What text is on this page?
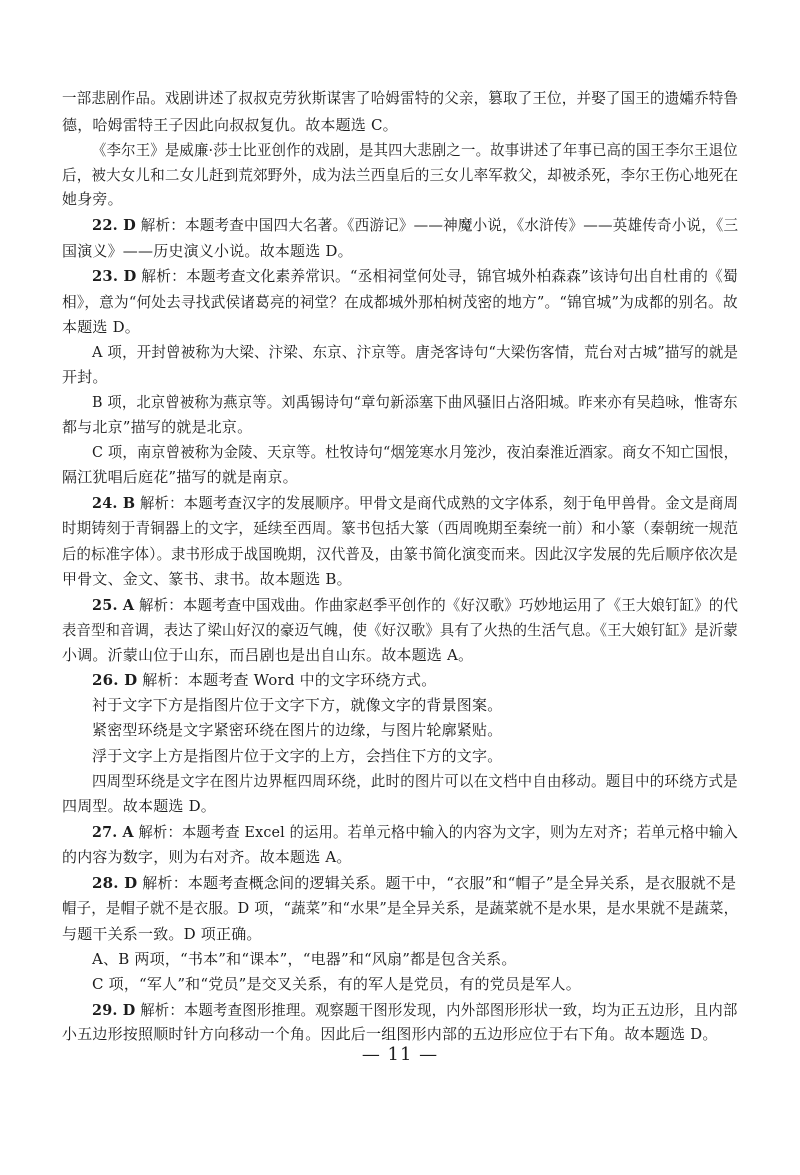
一部悲剧作品。戏剧讲述了叔叔克劳狄斯谋害了哈姆雷特的父亲，篡取了王位，并娶了国王的遗孀乔特鲁

德，哈姆雷特王子因此向叔叔复仇。故本题选 C。

《李尔王》是威廉·莎士比亚创作的戏剧，是其四大悲剧之一。故事讲述了年事已高的国王李尔王退位

后，被大女儿和二女儿赶到荒郊野外，成为法兰西皇后的三女儿率军救父，却被杀死，李尔王伤心地死在

她身旁。

22. D 解析：本题考查中国四大名著。《西游记》——神魔小说，《水浒传》——英雄传奇小说，《三

国演义》——历史演义小说。故本题选 D。

23. D 解析：本题考查文化素养常识。“丞相祠堂何处寻，锦官城外柏森森”该诗句出自杜甫的《蜀

相》，意为“何处去寻找武侯诸葛亮的祠堂？在成都城外那柏树茂密的地方”。“锦官城”为成都的别名。故

本题选 D。

A 项，开封曾被称为大梁、汴梁、东京、汴京等。唐尧客诗句“大梁伤客情，荒台对古城”描写的就是

开封。

B 项，北京曾被称为燕京等。刘禹锡诗句“章句新添塞下曲风骚旧占洛阳城。昨来亦有吴趋咏，惟寄东

都与北京”描写的就是北京。

C 项，南京曾被称为金陵、天京等。杜牧诗句“烟笼寒水月笼沙，夜泊秦淮近酒家。商女不知亡国恨，

隔江犹唱后庭花”描写的就是南京。

24. B 解析：本题考查汉字的发展顺序。甲骨文是商代成熟的文字体系，刻于龟甲兽骨。金文是商周

时期铸刻于青铜器上的文字，延续至西周。篆书包括大篆（西周晚期至秦统一前）和小篆（秦朝统一规范

后的标准字体）。隶书形成于战国晚期，汉代普及，由篆书简化演变而来。因此汉字发展的先后顺序依次是

甲骨文、金文、篆书、隶书。故本题选 B。

25. A 解析：本题考查中国戏曲。作曲家赵季平创作的《好汉歌》巧妙地运用了《王大娘钉缸》的代

表音型和音调，表达了梁山好汉的豪迈气魄，使《好汉歌》具有了火热的生活气息。《王大娘钉缸》是沂蒙

小调。沂蒙山位于山东，而吕剧也是出自山东。故本题选 A。

26. D 解析：本题考查 Word 中的文字环绕方式。

衬于文字下方是指图片位于文字下方，就像文字的背景图案。

紧密型环绕是文字紧密环绕在图片的边缘，与图片轮廓紧贴。

浮于文字上方是指图片位于文字的上方，会挡住下方的文字。

四周型环绕是文字在图片边界框四周环绕，此时的图片可以在文档中自由移动。题目中的环绕方式是

四周型。故本题选 D。

27. A 解析：本题考查 Excel 的运用。若单元格中输入的内容为文字，则为左对齐；若单元格中输入

的内容为数字，则为右对齐。故本题选 A。

28. D 解析：本题考查概念间的逻辑关系。题干中，“衣服”和“帽子”是全异关系，是衣服就不是

帽子，是帽子就不是衣服。D 项，“蔬菜”和“水果”是全异关系，是蔬菜就不是水果，是水果就不是蔬菜，

与题干关系一致。D 项正确。

A、B 两项，“书本”和“课本”，“电器”和“风扇”都是包含关系。

C 项，“军人”和“党员”是交叉关系，有的军人是党员，有的党员是军人。

29. D 解析：本题考查图形推理。观察题干图形发现，内外部图形形状一致，均为正五边形，且内部

小五边形按照顺时针方向移动一个角。因此后一组图形内部的五边形应位于右下角。故本题选 D。

— 11 —
